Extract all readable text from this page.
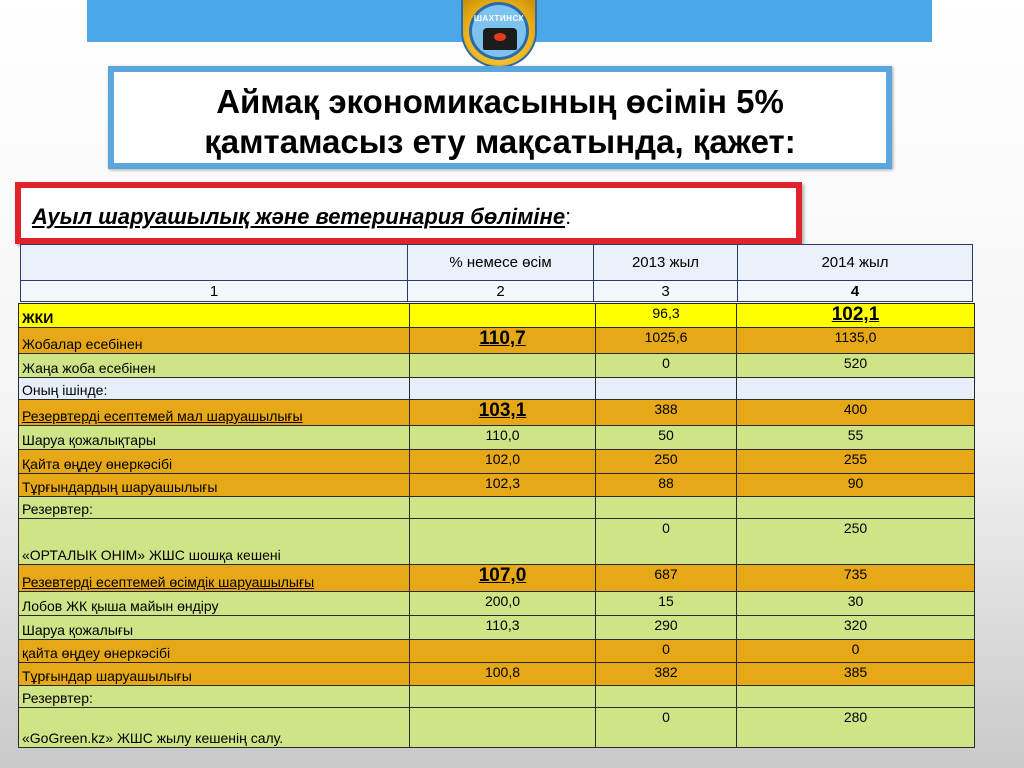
ШАХТИНСК
Аймақ экономикасының өсімін 5%
қамтамасыз ету мақсатында, қажет:
Ауыл шаруашылық және ветеринария бөліміне:
	% немесе өсім	2013 жыл	2014 жыл
1	2	3	4
ЖКИ		96,3	102,1
Жобалар есебінен	110,7	1025,6	1135,0
Жаңа жоба есебінен		0	520
Оның ішінде:			
Резервтерді есептемей мал шаруашылығы	103,1	388	400
Шаруа қожалықтары	110,0	50	55
Қайта өңдеу өнеркәсібі	102,0	250	255
Тұрғындардың шаруашылығы	102,3	88	90
Резервтер:			
«ОРТАЛЫК ОНІМ» ЖШС шошқа кешені		0	250
Резевтерді есептемей өсімдік шаруашылығы	107,0	687	735
Лобов ЖК қыша майын өндіру	200,0	15	30
Шаруа қожалығы	110,3	290	320
қайта өңдеу өнеркәсібі		0	0
Тұрғындар шаруашылығы	100,8	382	385
Резервтер:			
«GoGreen.kz» ЖШС жылу кешенің салу.		0	280
